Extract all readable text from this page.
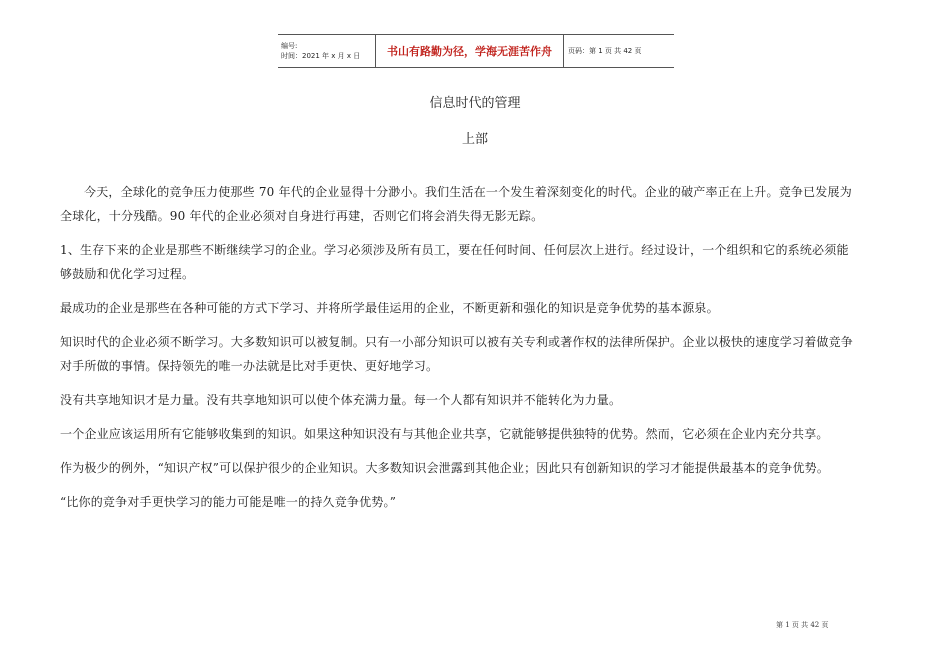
编号:
时间：2021 年 x 月 x 日	书山有路勤为径，学海无涯苦作舟 页码：第 1 页 共 42 页
信息时代的管理
上部

今天，全球化的竞争压力使那些 70 年代的企业显得十分渺小。我们生活在一个发生着深刻变化的时代。企业的破产率正在上升。竞争已发展为全球化，十分残酷。90 年代的企业必须对自身进行再建，否则它们将会消失得无影无踪。

1、生存下来的企业是那些不断继续学习的企业。学习必须涉及所有员工，要在任何时间、任何层次上进行。经过设计，一个组织和它的系统必须能够鼓励和优化学习过程。

最成功的企业是那些在各种可能的方式下学习、并将所学最佳运用的企业，不断更新和强化的知识是竞争优势的基本源泉。

知识时代的企业必须不断学习。大多数知识可以被复制。只有一小部分知识可以被有关专利或著作权的法律所保护。企业以极快的速度学习着做竞争对手所做的事情。保持领先的唯一办法就是比对手更快、更好地学习。

没有共享地知识才是力量。没有共享地知识可以使个体充满力量。每一个人都有知识并不能转化为力量。

一个企业应该运用所有它能够收集到的知识。如果这种知识没有与其他企业共享，它就能够提供独特的优势。然而，它必须在企业内充分共享。

作为极少的例外，“知识产权”可以保护很少的企业知识。大多数知识会泄露到其他企业；因此只有创新知识的学习才能提供最基本的竞争优势。

“比你的竞争对手更快学习的能力可能是唯一的持久竞争优势。”

第 1 页 共 42 页
